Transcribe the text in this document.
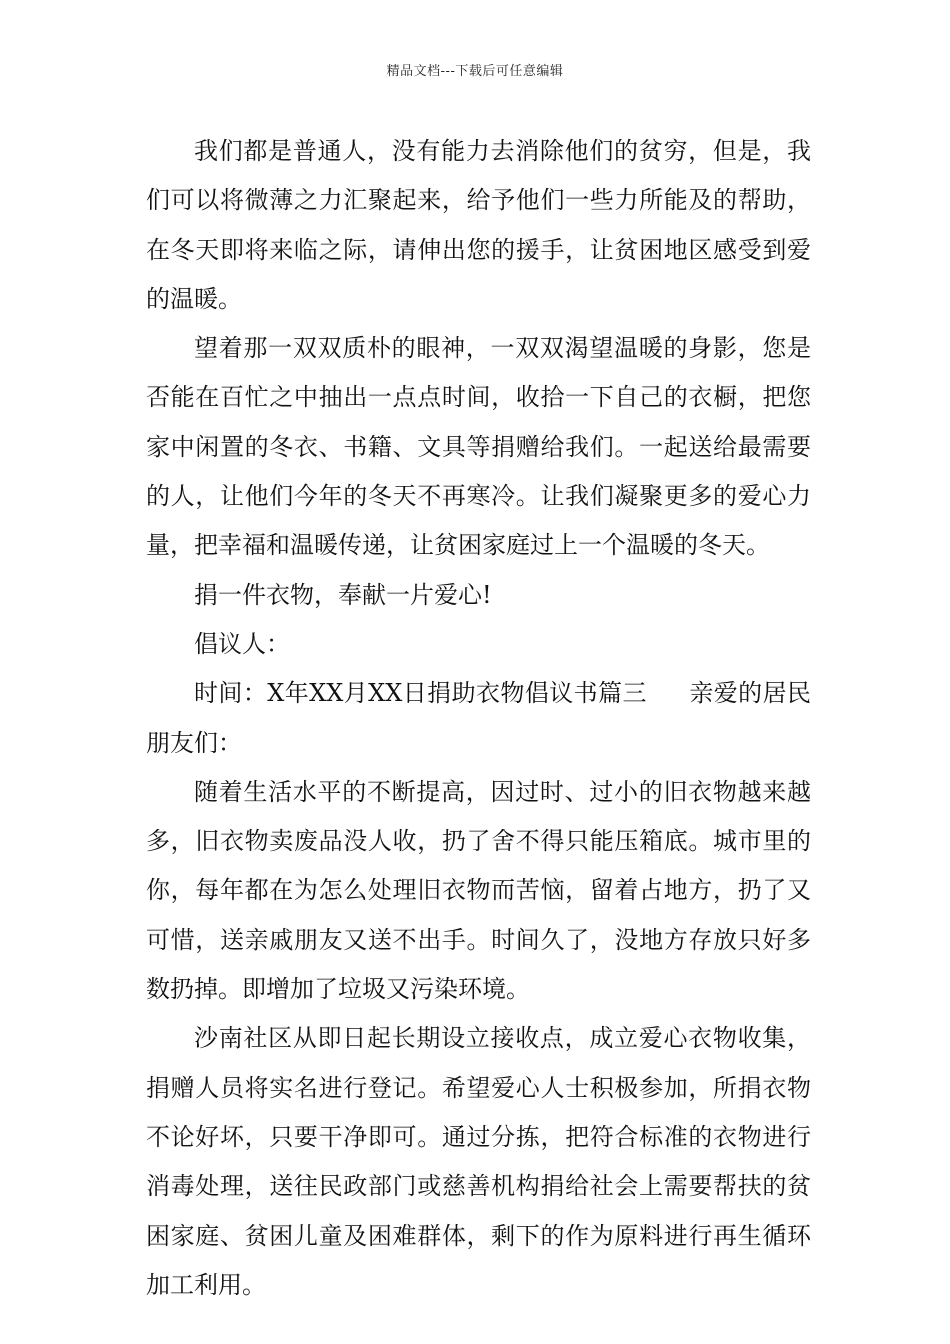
精品文档---下载后可任意编辑

我们都是普通人，没有能力去消除他们的贫穷，但是，我们可以将微薄之力汇聚起来，给予他们一些力所能及的帮助，在冬天即将来临之际，请伸出您的援手，让贫困地区感受到爱的温暖。

望着那一双双质朴的眼神，一双双渴望温暖的身影，您是否能在百忙之中抽出一点点时间，收拾一下自己的衣橱，把您家中闲置的冬衣、书籍、文具等捐赠给我们。一起送给最需要的人，让他们今年的冬天不再寒冷。让我们凝聚更多的爱心力量，把幸福和温暖传递，让贫困家庭过上一个温暖的冬天。

捐一件衣物，奉献一片爱心!

倡议人：

时间：X年XX月XX日捐助衣物倡议书篇三 亲爱的居民朋友们：

随着生活水平的不断提高，因过时、过小的旧衣物越来越多，旧衣物卖废品没人收，扔了舍不得只能压箱底。城市里的你，每年都在为怎么处理旧衣物而苦恼，留着占地方，扔了又可惜，送亲戚朋友又送不出手。时间久了，没地方存放只好多数扔掉。即增加了垃圾又污染环境。

沙南社区从即日起长期设立接收点，成立爱心衣物收集，捐赠人员将实名进行登记。希望爱心人士积极参加，所捐衣物不论好坏，只要干净即可。通过分拣，把符合标准的衣物进行消毒处理，送往民政部门或慈善机构捐给社会上需要帮扶的贫困家庭、贫困儿童及困难群体，剩下的作为原料进行再生循环加工利用。
